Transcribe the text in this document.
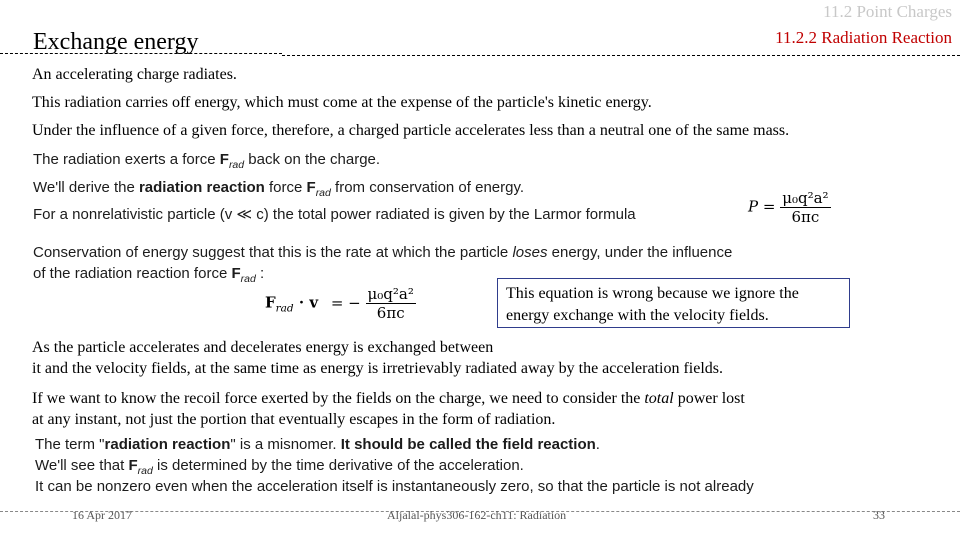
Exchange energy
11.2 Point Charges
11.2.2 Radiation Reaction
An accelerating charge radiates.
This radiation carries off energy, which must come at the expense of the particle's kinetic energy.
Under the influence of a given force, therefore, a charged particle accelerates less than a neutral one of the same mass.
The radiation exerts a force $F_{rad}$ back on the charge.
We'll derive the radiation reaction force $F_{rad}$ from conservation of energy.
For a nonrelativistic particle (v ≪ c) the total power radiated is given by the Larmor formula	$P = \frac{\text{μ₀q²a²}}{6\pi c}$
Conservation of energy suggest that this is the rate at which the particle loses energy, under the influence
of the radiation reaction force $F_{rad}$ :
$F_{rad} \cdot v$ = − $\frac{\text{μ₀q²a²}}{6\pi c}$	This equation is wrong because we ignore the energy exchange with the velocity fields.
As the particle accelerates and decelerates energy is exchanged between
it and the velocity fields, at the same time as energy is irretrievably radiated away by the acceleration fields.
If we want to know the recoil force exerted by the fields on the charge, we need to consider the total power lost
at any instant, not just the portion that eventually escapes in the form of radiation.
The term "radiation reaction" is a misnomer. It should be called the field reaction.
We'll see that $F_{rad}$ is determined by the time derivative of the acceleration.
It can be nonzero even when the acceleration itself is instantaneously zero, so that the particle is not already
16 Apr 2017	Aljalal-phys306-162-ch11: Radiation	33
